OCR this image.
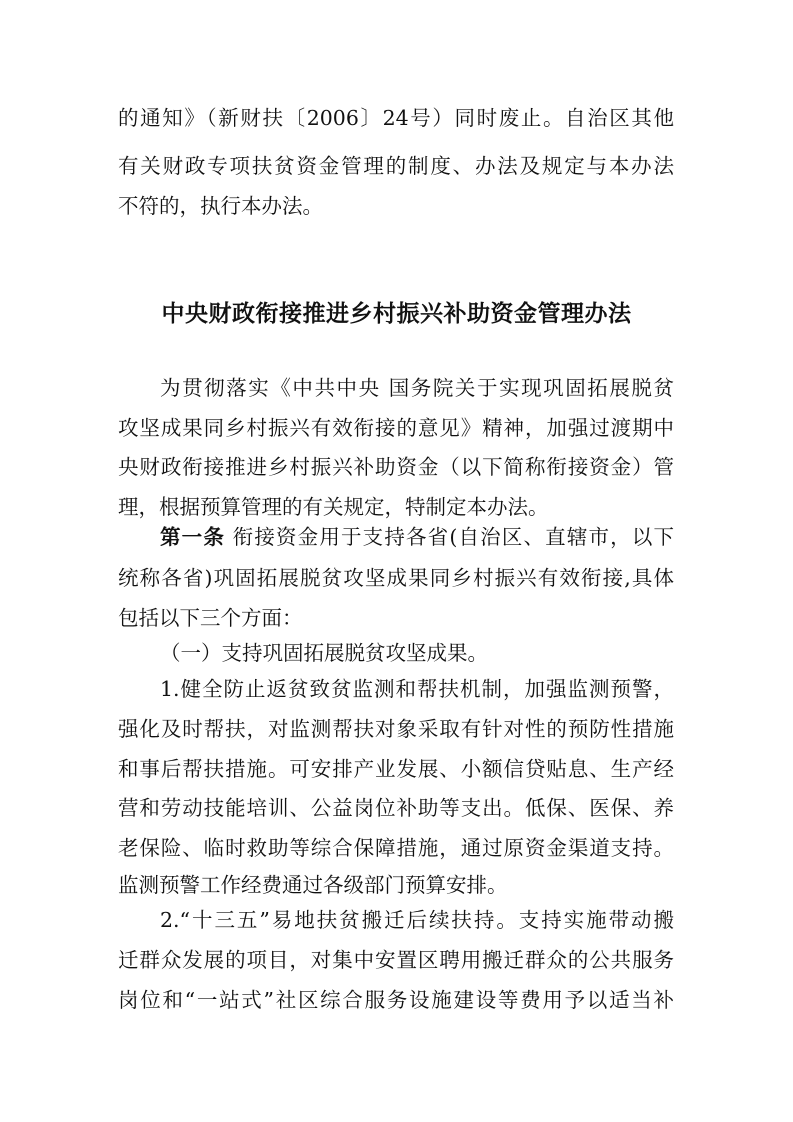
的通知》（新财扶〔2006〕24号）同时废止。自治区其他
有关财政专项扶贫资金管理的制度、办法及规定与本办法
不符的，执行本办法。
中央财政衔接推进乡村振兴补助资金管理办法
为贯彻落实《中共中央 国务院关于实现巩固拓展脱贫
攻坚成果同乡村振兴有效衔接的意见》精神，加强过渡期中
央财政衔接推进乡村振兴补助资金（以下简称衔接资金）管
理，根据预算管理的有关规定，特制定本办法。
第一条 衔接资金用于支持各省(自治区、直辖市，以下
统称各省)巩固拓展脱贫攻坚成果同乡村振兴有效衔接,具体
包括以下三个方面：
（一）支持巩固拓展脱贫攻坚成果。
1.健全防止返贫致贫监测和帮扶机制，加强监测预警，
强化及时帮扶，对监测帮扶对象采取有针对性的预防性措施
和事后帮扶措施。可安排产业发展、小额信贷贴息、生产经
营和劳动技能培训、公益岗位补助等支出。低保、医保、养
老保险、临时救助等综合保障措施，通过原资金渠道支持。
监测预警工作经费通过各级部门预算安排。
2.“十三五”易地扶贫搬迁后续扶持。支持实施带动搬
迁群众发展的项目，对集中安置区聘用搬迁群众的公共服务
岗位和“一站式”社区综合服务设施建设等费用予以适当补
